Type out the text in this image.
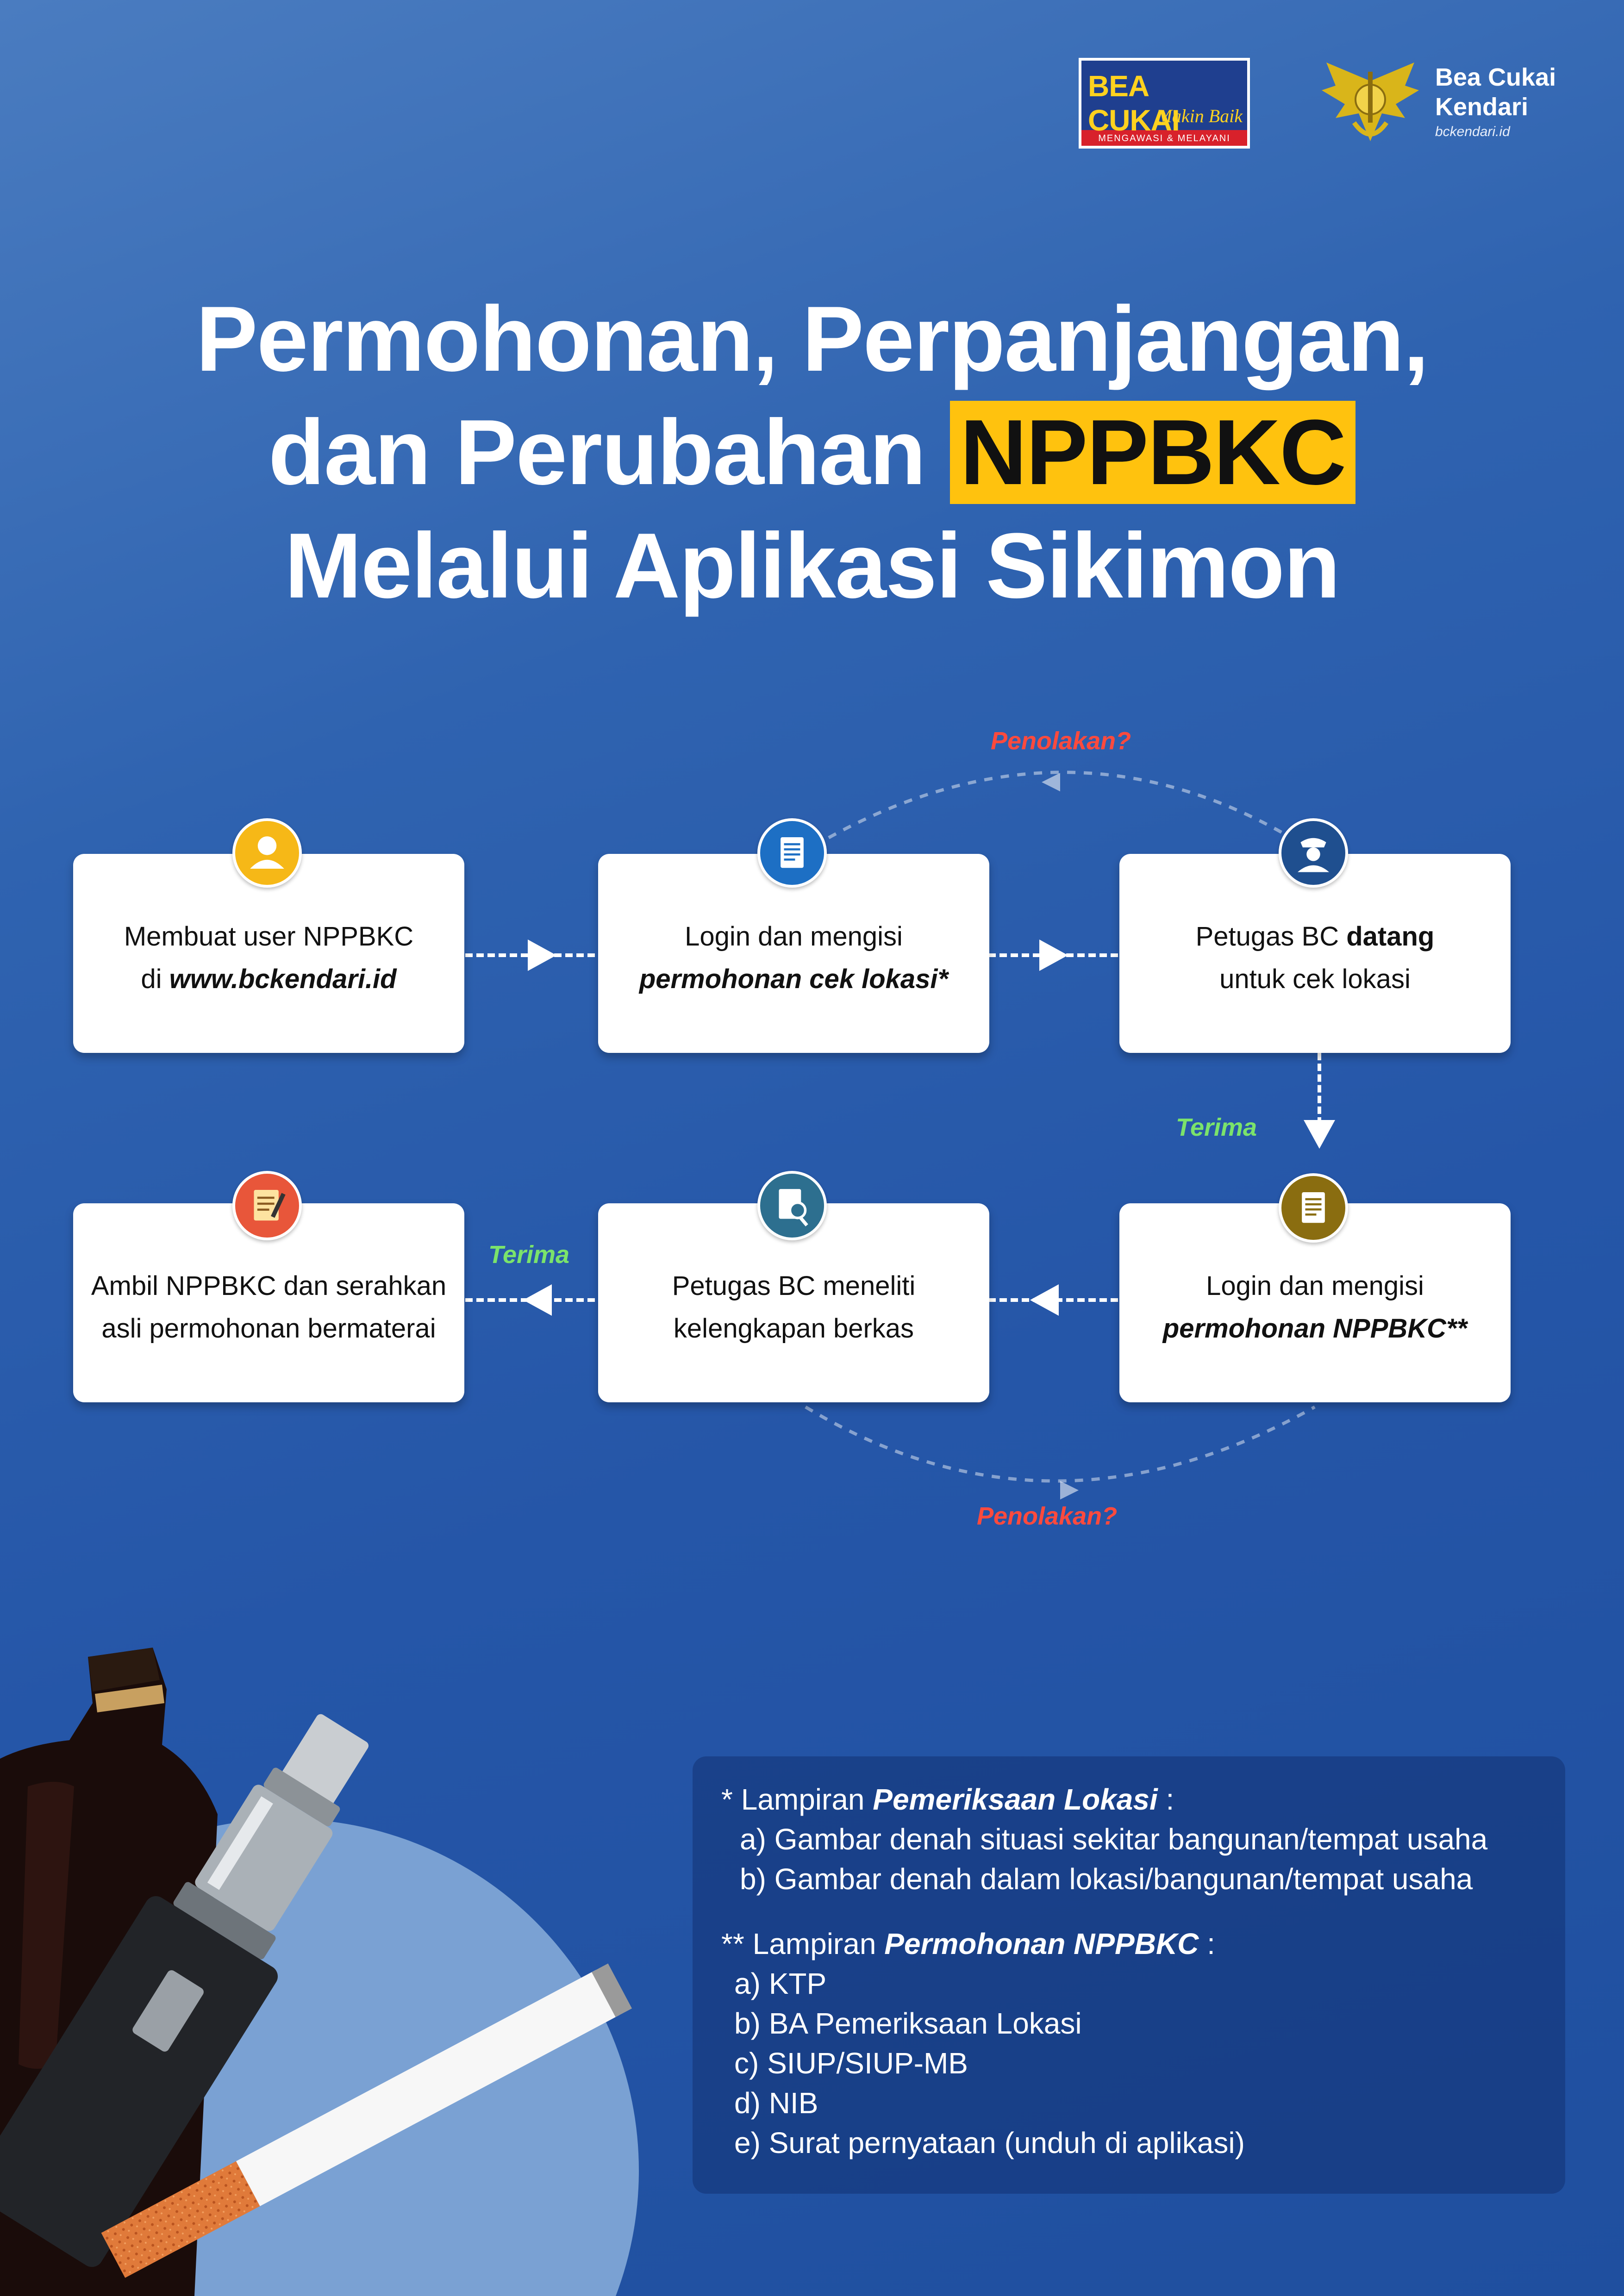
BEA CUKAI
Makin Baik
MENGAWASI & MELAYANI
Bea Cukai
Kendari
bckendari.id
Permohonan, Perpanjangan,
dan Perubahan NPPBKC
Melalui Aplikasi Sikimon
Penolakan?
Penolakan?
Terima
Terima
Membuat user NPPBKC
di www.bckendari.id
Login dan mengisi
permohonan cek lokasi*
Petugas BC datang
untuk cek lokasi
Login dan mengisi
permohonan NPPBKC**
Petugas BC meneliti
kelengkapan berkas
Ambil NPPBKC dan serahkan
asli permohonan bermaterai
* Lampiran Pemeriksaan Lokasi :
a) Gambar denah situasi sekitar bangunan/tempat usaha
b) Gambar denah dalam lokasi/bangunan/tempat usaha
** Lampiran Permohonan NPPBKC :
a) KTP
b) BA Pemeriksaan Lokasi
c) SIUP/SIUP-MB
d) NIB
e) Surat pernyataan (unduh di aplikasi)
